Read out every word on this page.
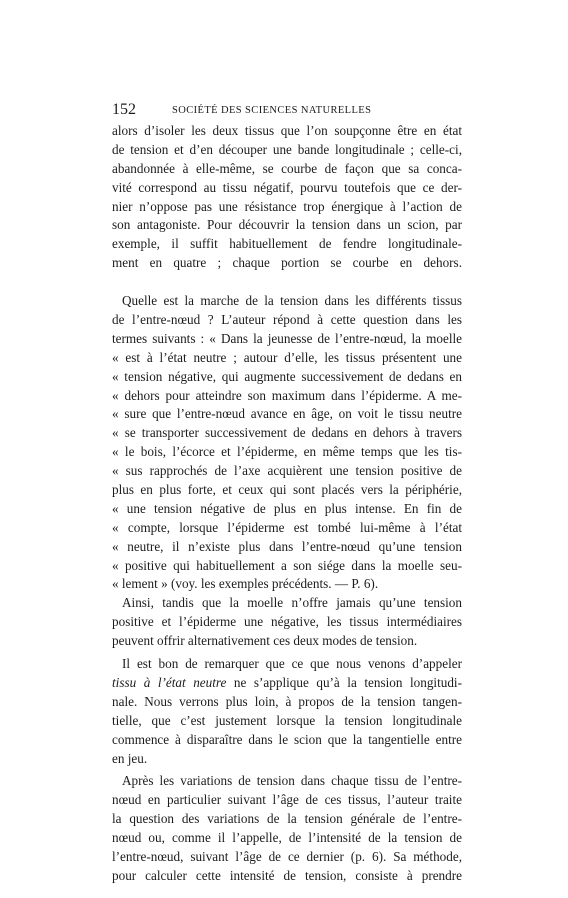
152	SOCIÉTÉ DES SCIENCES NATURELLES
alors d’isoler les deux tissus que l’on soupçonne être en état
de tension et d’en découper une bande longitudinale ; celle-ci,
abandonnée à elle-même, se courbe de façon que sa conca-
vité correspond au tissu négatif, pourvu toutefois que ce der-
nier n’oppose pas une résistance trop énergique à l’action de
son antagoniste. Pour découvrir la tension dans un scion, par
exemple, il suffit habituellement de fendre longitudinale-
ment en quatre ; chaque portion se courbe en dehors.
Quelle est la marche de la tension dans les différents tissus
de l’entre-nœud ? L’auteur répond à cette question dans les
termes suivants : « Dans la jeunesse de l’entre-nœud, la moelle
« est à l’état neutre ; autour d’elle, les tissus présentent une
« tension négative, qui augmente successivement de dedans en
« dehors pour atteindre son maximum dans l’épiderme. A me-
« sure que l’entre-nœud avance en âge, on voit le tissu neutre
« se transporter successivement de dedans en dehors à travers
« le bois, l’écorce et l’épiderme, en même temps que les tis-
« sus rapprochés de l’axe acquièrent une tension positive de
plus en plus forte, et ceux qui sont placés vers la périphérie,
« une tension négative de plus en plus intense. En fin de
« compte, lorsque l’épiderme est tombé lui-même à l’état
« neutre, il n’existe plus dans l’entre-nœud qu’une tension
« positive qui habituellement a son siége dans la moelle seu-
« lement » (voy. les exemples précédents. — P. 6).
Ainsi, tandis que la moelle n’offre jamais qu’une tension
positive et l’épiderme une négative, les tissus intermédiaires
peuvent offrir alternativement ces deux modes de tension.
Il est bon de remarquer que ce que nous venons d’appeler
tissu à l’état neutre ne s’applique qu’à la tension longitudi-
nale. Nous verrons plus loin, à propos de la tension tangen-
tielle, que c’est justement lorsque la tension longitudinale
commence à disparaître dans le scion que la tangentielle entre
en jeu.
Après les variations de tension dans chaque tissu de l’entre-
nœud en particulier suivant l’âge de ces tissus, l’auteur traite
la question des variations de la tension générale de l’entre-
nœud ou, comme il l’appelle, de l’intensité de la tension de
l’entre-nœud, suivant l’âge de ce dernier (p. 6). Sa méthode,
pour calculer cette intensité de tension, consiste à prendre
